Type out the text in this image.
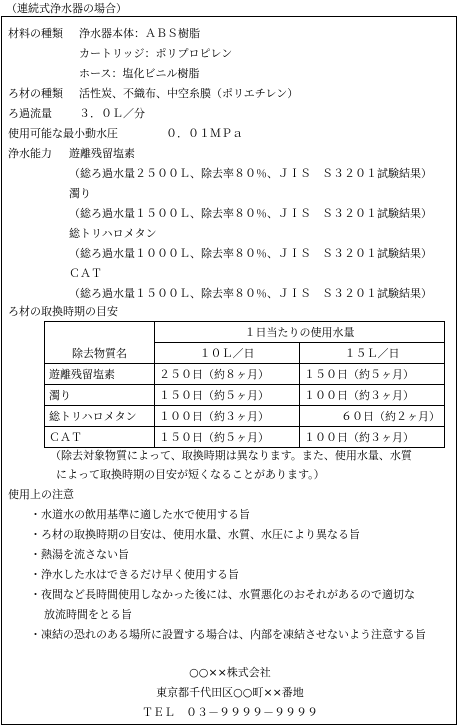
（連続式浄水器の場合）
材料の種類 浄水器本体：ＡＢＳ樹脂
カートリッジ：ポリプロピレン
ホース：塩化ビニル樹脂
ろ材の種類 活性炭、不織布、中空糸膜（ポリエチレン）
ろ過流量 ３．０Ｌ／分
使用可能な最小動水圧	０．０１ＭＰａ
浄水能力 遊離残留塩素
（総ろ過水量２５００Ｌ、除去率８０％、ＪＩＳ　Ｓ３２０１試験結果）
濁り
（総ろ過水量１５００Ｌ、除去率８０％、ＪＩＳ　Ｓ３２０１試験結果）
総トリハロメタン
（総ろ過水量１０００Ｌ、除去率８０％、ＪＩＳ　Ｓ３２０１試験結果）
ＣＡＴ
（総ろ過水量１５００Ｌ、除去率８０％、ＪＩＳ　Ｓ３２０１試験結果）
ろ材の取換時期の目安
	１日当たりの使用水量	
除去物質名	１０Ｌ／日	１５Ｌ／日
遊離残留塩素	２５０日（約８ヶ月）	１５０日（約５ヶ月）
濁り	１５０日（約５ヶ月）	１００日（約３ヶ月）
総トリハロメタン	１００日（約３ヶ月）	６０日（約２ヶ月）
ＣＡＴ	１５０日（約５ヶ月）	１００日（約３ヶ月）
（除去対象物質によって、取換時期は異なります。また、使用水量、水質
によって取換時期の目安が短くなることがあります。）
使用上の注意
・水道水の飲用基準に適した水で使用する旨
・ろ材の取換時期の目安は、使用水量、水質、水圧により異なる旨
・熱湯を流さない旨
・浄水した水はできるだけ早く使用する旨
・夜間など長時間使用しなかった後には、水質悪化のおそれがあるので適切な
放流時間をとる旨
・凍結の恐れのある場所に設置する場合は、内部を凍結させないよう注意する旨
○○××株式会社
東京都千代田区○○町××番地
ＴＥＬ　０３－９９９９－９９９９
